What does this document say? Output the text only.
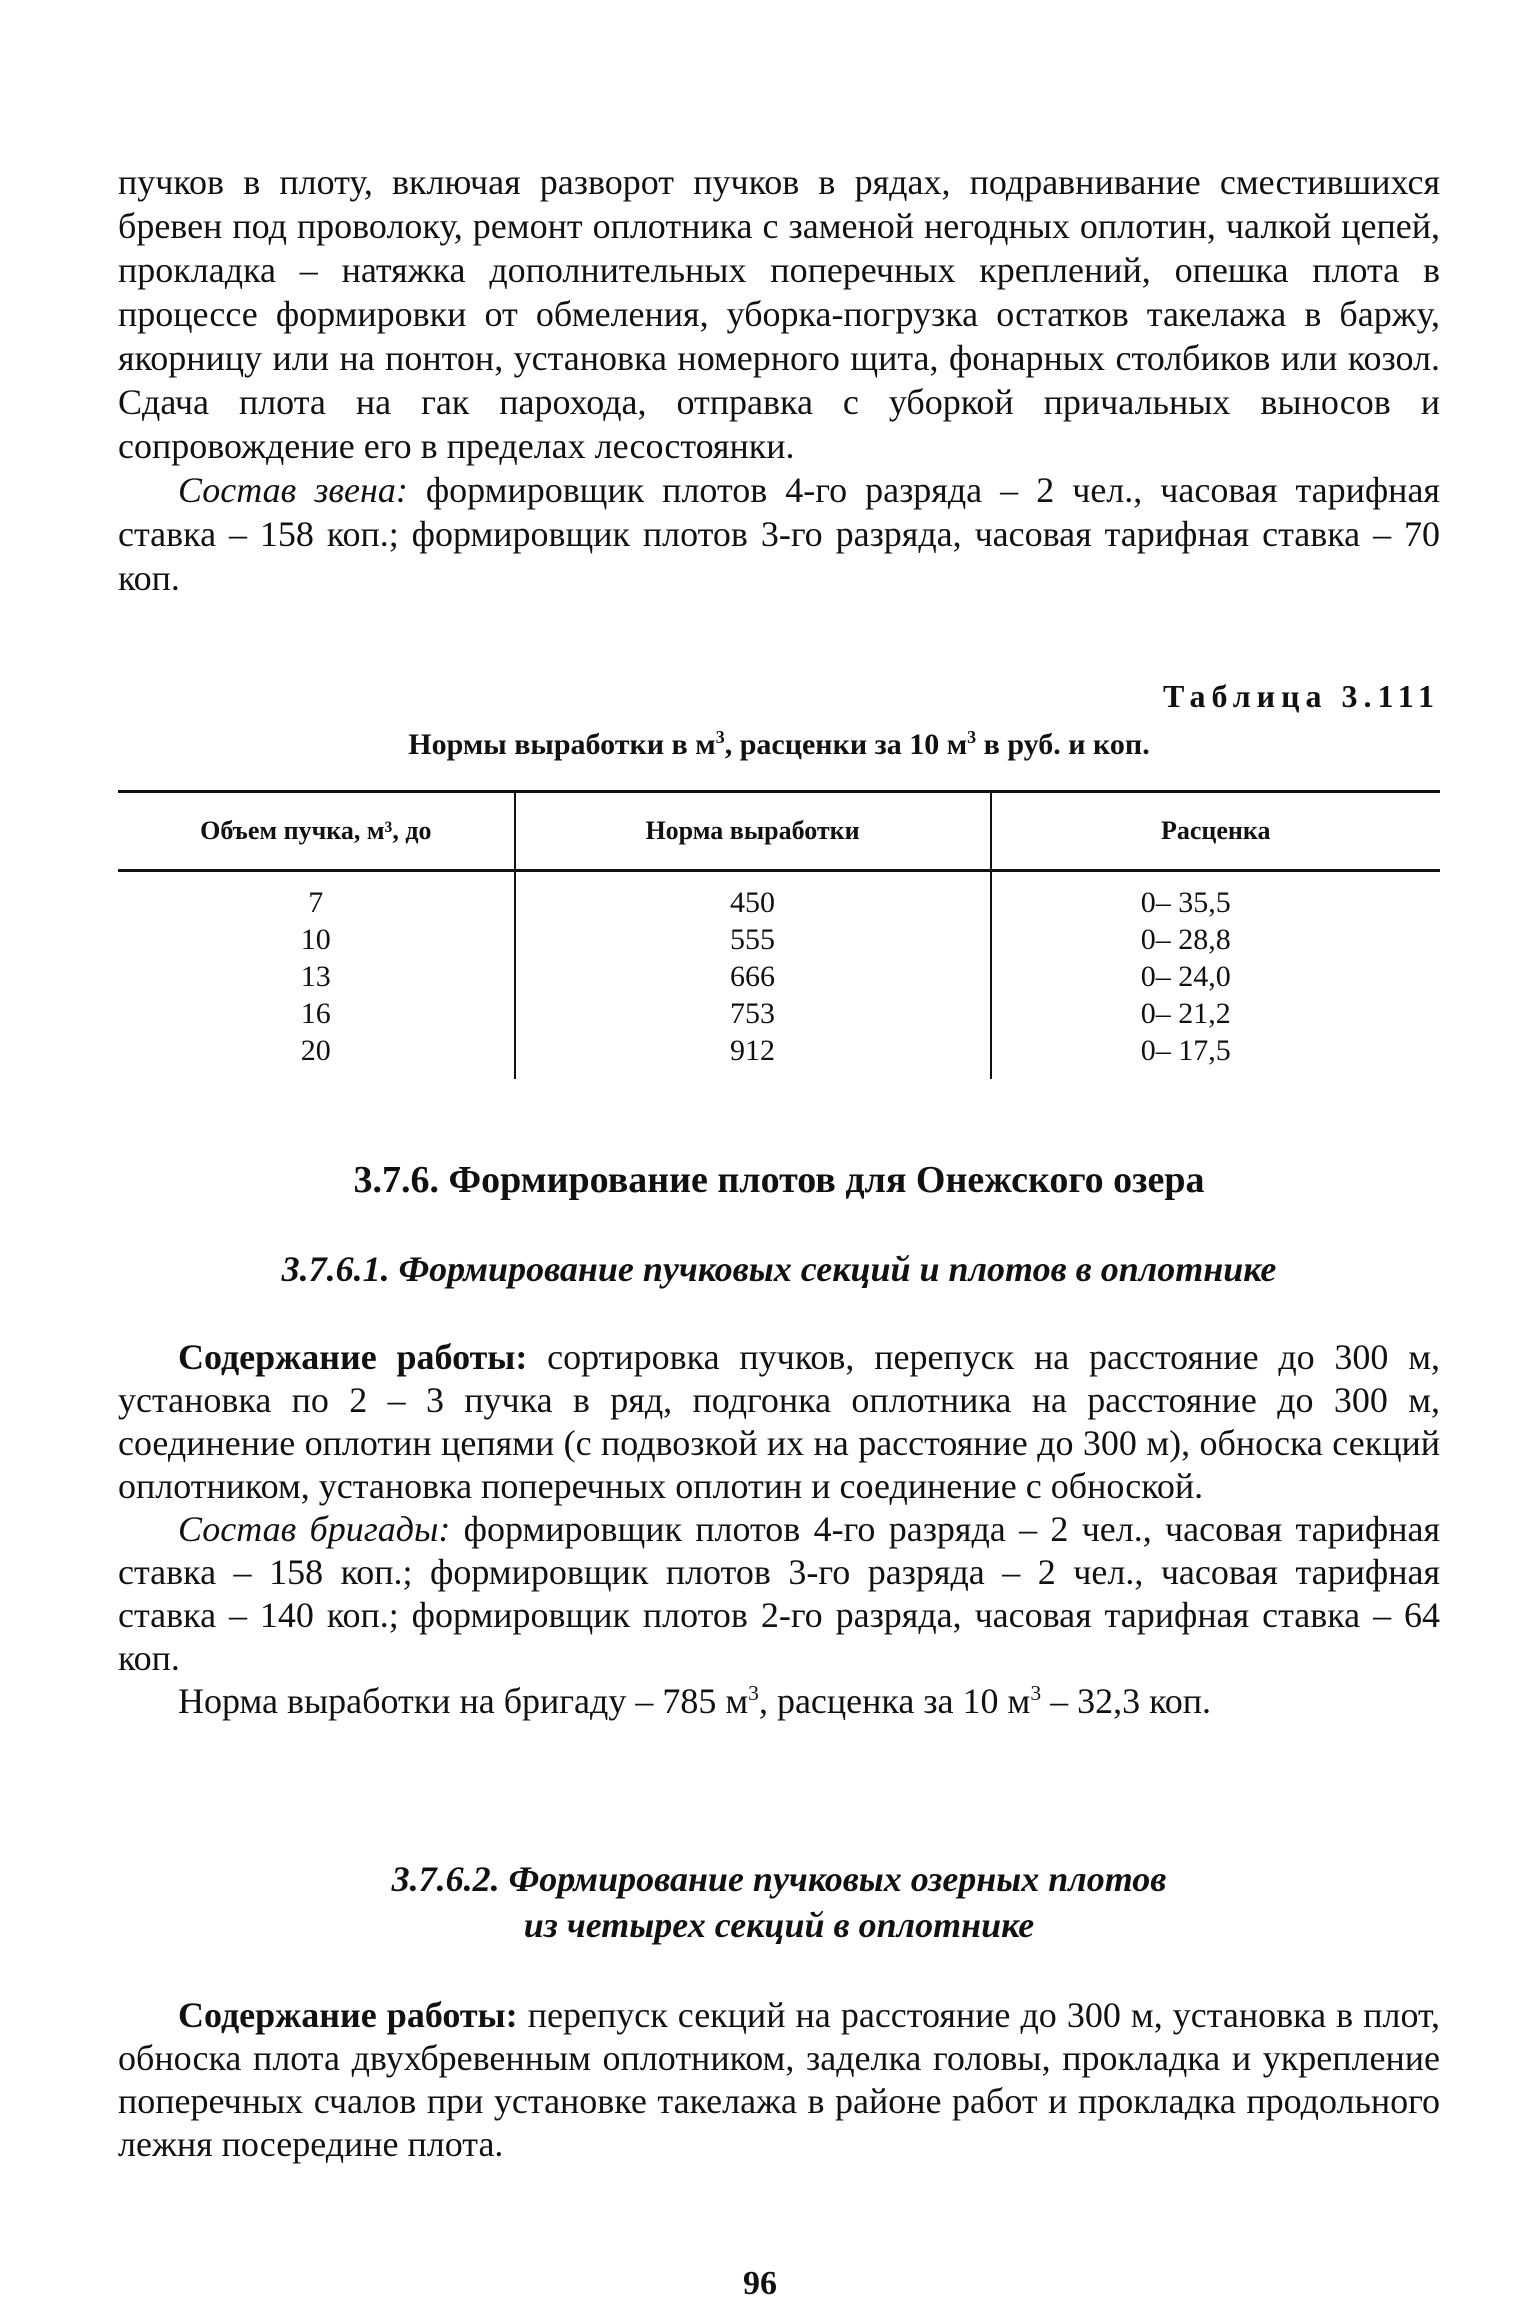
пучков в плоту, включая разворот пучков в рядах, подравнивание сместившихся бревен под проволоку, ремонт оплотника с заменой негодных оплотин, чалкой цепей, прокладка – натяжка дополнительных поперечных креплений, опешка плота в процессе формировки от обмеления, уборка-погрузка остатков такелажа в баржу, якорницу или на понтон, установка номерного щита, фонарных столбиков или козол. Сдача плота на гак парохода, отправка с уборкой причальных выносов и сопровождение его в пределах лесостоянки.

Состав звена: формировщик плотов 4-го разряда – 2 чел., часовая тарифная ставка – 158 коп.; формировщик плотов 3-го разряда, часовая тарифная ставка – 70 коп.

Таблица 3.111
Нормы выработки в $м^3$, расценки за 10 $м^3$ в руб. и коп.
Объем пучка, м³, до	Норма выработки	Расценка
7	450	0– 35,5
10	555	0– 28,8
13	666	0– 24,0
16	753	0– 21,2
20	912	0– 17,5
3.7.6. Формирование плотов для Онежского озера
3.7.6.1. Формирование пучковых секций и плотов в оплотнике

Содержание работы: сортировка пучков, перепуск на расстояние до 300 м, установка по 2 – 3 пучка в ряд, подгонка оплотника на расстояние до 300 м, соединение оплотин цепями (с подвозкой их на расстояние до 300 м), обноска секций оплотником, установка поперечных оплотин и соединение с обноской.

Состав бригады: формировщик плотов 4-го разряда – 2 чел., часовая тарифная ставка – 158 коп.; формировщик плотов 3-го разряда – 2 чел., часовая тарифная ставка – 140 коп.; формировщик плотов 2-го разряда, часовая тарифная ставка – 64 коп.

Норма выработки на бригаду – 785 $м^3$, расценка за 10 $м^3 - 32,3$ коп.

3.7.6.2. Формирование пучковых озерных плотов
из четырех секций в оплотнике

Содержание работы: перепуск секций на расстояние до 300 м, установка в плот, обноска плота двухбревенным оплотником, заделка головы, прокладка и укрепление поперечных счалов при установке такелажа в районе работ и прокладка продольного лежня посередине плота.

96
